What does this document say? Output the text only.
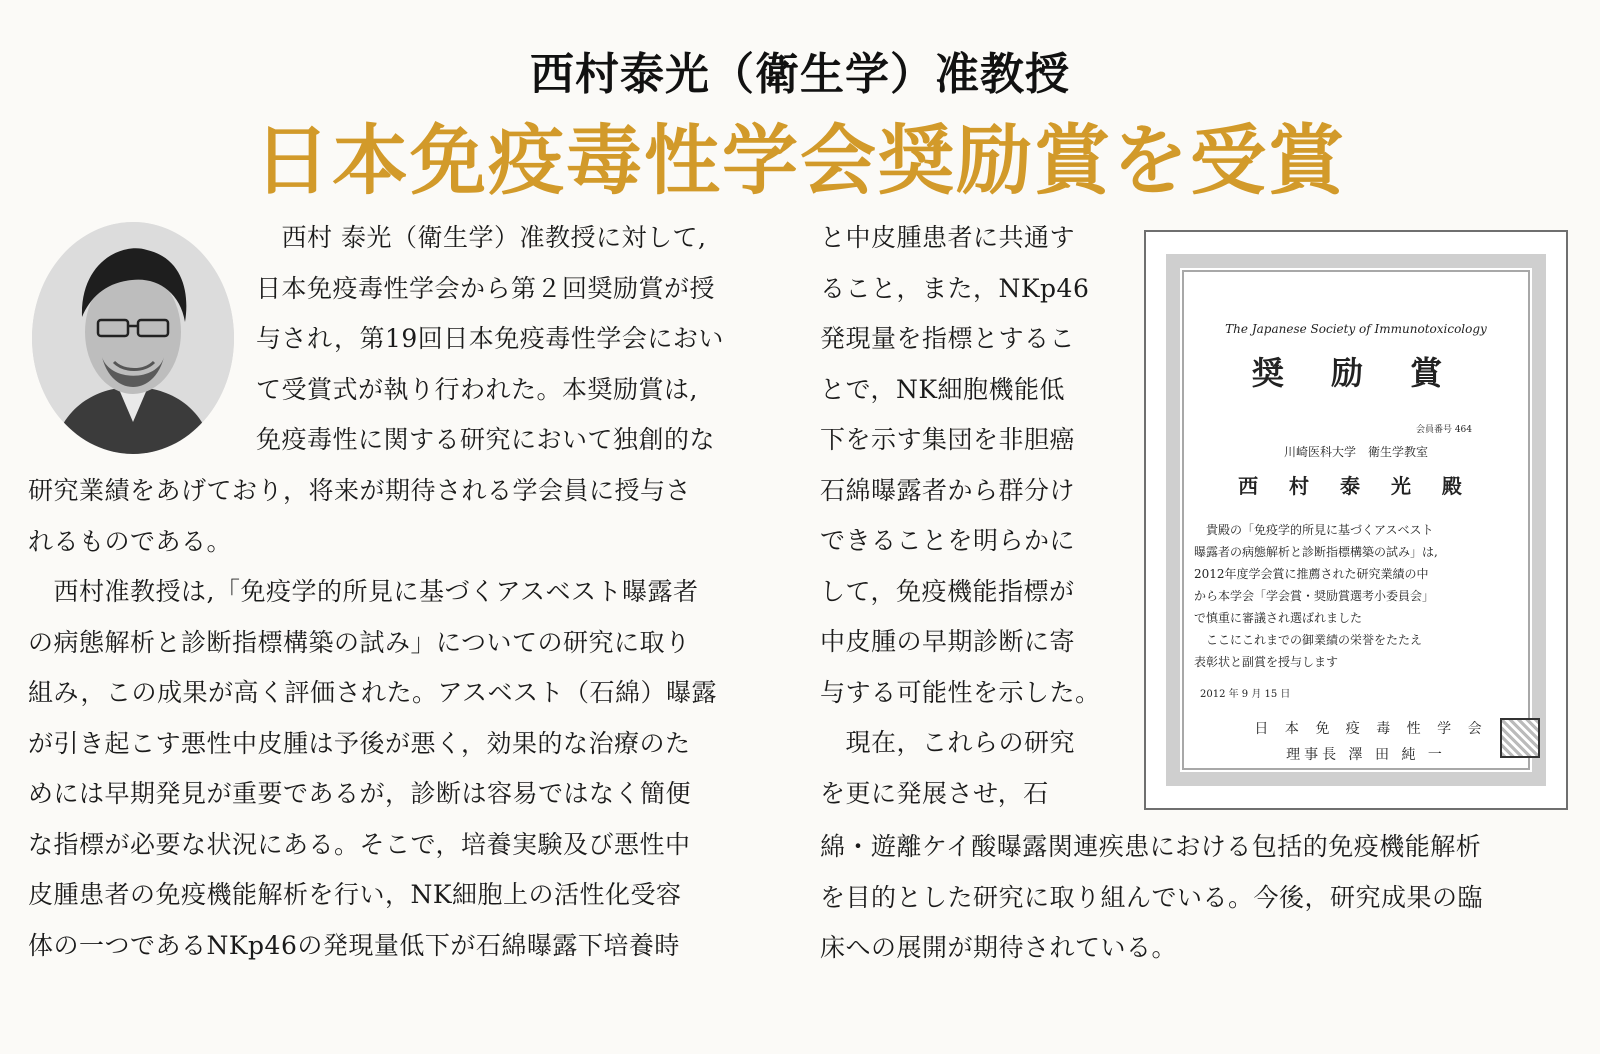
西村泰光（衛生学）准教授
日本免疫毒性学会奨励賞を受賞
　西村 泰光（衛生学）准教授に対して,
日本免疫毒性学会から第２回奨励賞が授
与され，第19回日本免疫毒性学会におい
て受賞式が執り行われた。本奨励賞は,
免疫毒性に関する研究において独創的な
研究業績をあげており，将来が期待される学会員に授与さ
れるものである。
　西村准教授は,「免疫学的所見に基づくアスベスト曝露者
の病態解析と診断指標構築の試み」についての研究に取り
組み，この成果が高く評価された。アスベスト（石綿）曝露
が引き起こす悪性中皮腫は予後が悪く，効果的な治療のた
めには早期発見が重要であるが，診断は容易ではなく簡便
な指標が必要な状況にある。そこで，培養実験及び悪性中
皮腫患者の免疫機能解析を行い，NK細胞上の活性化受容
体の一つであるNKp46の発現量低下が石綿曝露下培養時
と中皮腫患者に共通す
ること，また，NKp46
発現量を指標とするこ
とで，NK細胞機能低
下を示す集団を非胆癌
石綿曝露者から群分け
できることを明らかに
して，免疫機能指標が
中皮腫の早期診断に寄
与する可能性を示した。
　現在，これらの研究
を更に発展させ，石
綿・遊離ケイ酸曝露関連疾患における包括的免疫機能解析
を目的とした研究に取り組んでいる。今後，研究成果の臨
床への展開が期待されている。
The Japanese Society of Immunotoxicology
奨 励 賞
会員番号 464
川崎医科大学　衛生学教室
西 村 泰 光 殿
　貴殿の「免疫学的所見に基づくアスベスト
曝露者の病態解析と診断指標構築の試み」は,
2012年度学会賞に推薦された研究業績の中
から本学会「学会賞・奨励賞選考小委員会」
で慎重に審議され選ばれました
　ここにこれまでの御業績の栄誉をたたえ
表彰状と副賞を授与します
2012 年 9 月 15 日
日 本 免 疫 毒 性 学 会
理事長 澤 田 純 一
